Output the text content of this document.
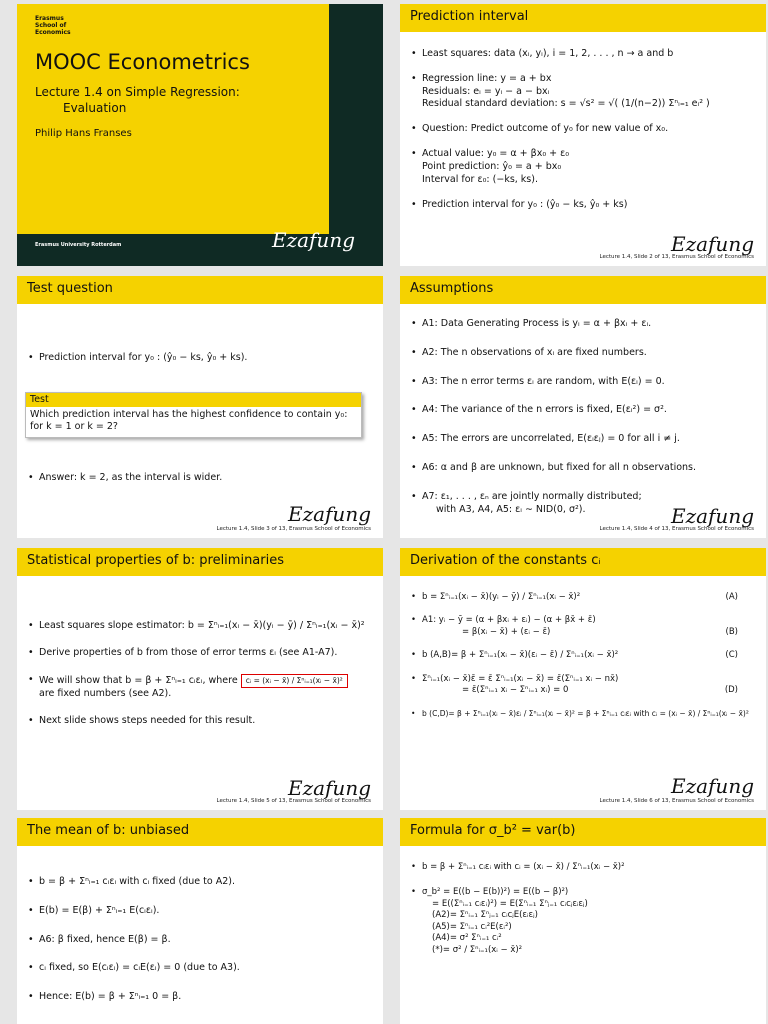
Erasmus
School of
Economics
MOOC Econometrics
Lecture 1.4 on Simple Regression:
Evaluation
Philip Hans Franses
Erasmus University Rotterdam	Ezafung
Prediction interval
• Least squares: data (xᵢ, yᵢ), i = 1, 2, . . . , n → a and b
• Regression line: y = a + bx
Residuals: eᵢ = yᵢ − a − bxᵢ
Residual standard deviation: s = √s² = √( (1/(n−2)) Σⁿᵢ₌₁ eᵢ² )
• Question: Predict outcome of y₀ for new value of x₀.
• Actual value: y₀ = α + βx₀ + ε₀
Point prediction: ŷ₀ = a + bx₀
Interval for ε₀: (−ks, ks).
• Prediction interval for y₀ : (ŷ₀ − ks, ŷ₀ + ks)
Ezafung
Lecture 1.4, Slide 2 of 13, Erasmus School of Economics
Test question
• Prediction interval for y₀ : (ŷ₀ − ks, ŷ₀ + ks).
Test
Which prediction interval has the highest confidence to contain y₀:
for k = 1 or k = 2?
• Answer: k = 2, as the interval is wider.
Ezafung
Lecture 1.4, Slide 3 of 13, Erasmus School of Economics
Assumptions
• A1: Data Generating Process is yᵢ = α + βxᵢ + εᵢ.
• A2: The n observations of xᵢ are fixed numbers.
• A3: The n error terms εᵢ are random, with E(εᵢ) = 0.
• A4: The variance of the n errors is fixed, E(εᵢ²) = σ².
• A5: The errors are uncorrelated, E(εᵢεⱼ) = 0 for all i ≠ j.
• A6: α and β are unknown, but fixed for all n observations.
• A7: ε₁, . . . , εₙ are jointly normally distributed;
with A3, A4, A5: εᵢ ∼ NID(0, σ²).	Ezafung
Lecture 1.4, Slide 4 of 13, Erasmus School of Economics
Statistical properties of b: preliminaries
• Least squares slope estimator: b = Σⁿᵢ₌₁(xᵢ − x̄)(yᵢ − ȳ) / Σⁿᵢ₌₁(xᵢ − x̄)²
• Derive properties of b from those of error terms εᵢ (see A1-A7).
• We will show that b = β + Σⁿᵢ₌₁ cᵢεᵢ, where cᵢ = (xᵢ − x̄) / Σⁿᵢ₌₁(xᵢ − x̄)²
are fixed numbers (see A2).
• Next slide shows steps needed for this result.
Ezafung
Lecture 1.4, Slide 5 of 13, Erasmus School of Economics
Derivation of the constants cᵢ
• b = Σⁿᵢ₌₁(xᵢ − x̄)(yᵢ − ȳ) / Σⁿᵢ₌₁(xᵢ − x̄)²	(A)
• A1: yᵢ − ȳ = (α + βxᵢ + εᵢ) − (α + βx̄ + ε̄)
= β(xᵢ − x̄) + (εᵢ − ε̄)	(B)
• b (A,B)= β + Σⁿᵢ₌₁(xᵢ − x̄)(εᵢ − ε̄) / Σⁿᵢ₌₁(xᵢ − x̄)²	(C)
• Σⁿᵢ₌₁(xᵢ − x̄)ε̄ = ε̄ Σⁿᵢ₌₁(xᵢ − x̄) = ε̄(Σⁿᵢ₌₁ xᵢ − nx̄)
= ε̄(Σⁿᵢ₌₁ xᵢ − Σⁿᵢ₌₁ xᵢ) = 0	(D)
• b (C,D)= β + Σⁿᵢ₌₁(xᵢ − x̄)εᵢ / Σⁿᵢ₌₁(xᵢ − x̄)² = β + Σⁿᵢ₌₁ cᵢεᵢ with cᵢ = (xᵢ − x̄) / Σⁿᵢ₌₁(xᵢ − x̄)²
Ezafung
Lecture 1.4, Slide 6 of 13, Erasmus School of Economics
The mean of b: unbiased
• b = β + Σⁿᵢ₌₁ cᵢεᵢ with cᵢ fixed (due to A2).
• E(b) = E(β) + Σⁿᵢ₌₁ E(cᵢεᵢ).
• A6: β fixed, hence E(β) = β.
• cᵢ fixed, so E(cᵢεᵢ) = cᵢE(εᵢ) = 0 (due to A3).
• Hence: E(b) = β + Σⁿᵢ₌₁ 0 = β.
Formula for σ_b² = var(b)
• b = β + Σⁿᵢ₌₁ cᵢεᵢ with cᵢ = (xᵢ − x̄) / Σⁿᵢ₌₁(xᵢ − x̄)²
• σ_b² = E((b − E(b))²) = E((b − β)²)
= E((Σⁿᵢ₌₁ cᵢεᵢ)²) = E(Σⁿᵢ₌₁ Σⁿⱼ₌₁ cᵢcⱼεᵢεⱼ)
(A2)= Σⁿᵢ₌₁ Σⁿⱼ₌₁ cᵢcⱼE(εᵢεⱼ)
(A5)= Σⁿᵢ₌₁ cᵢ²E(εᵢ²)
(A4)= σ² Σⁿᵢ₌₁ cᵢ²
(*)= σ² / Σⁿᵢ₌₁(xᵢ − x̄)²
